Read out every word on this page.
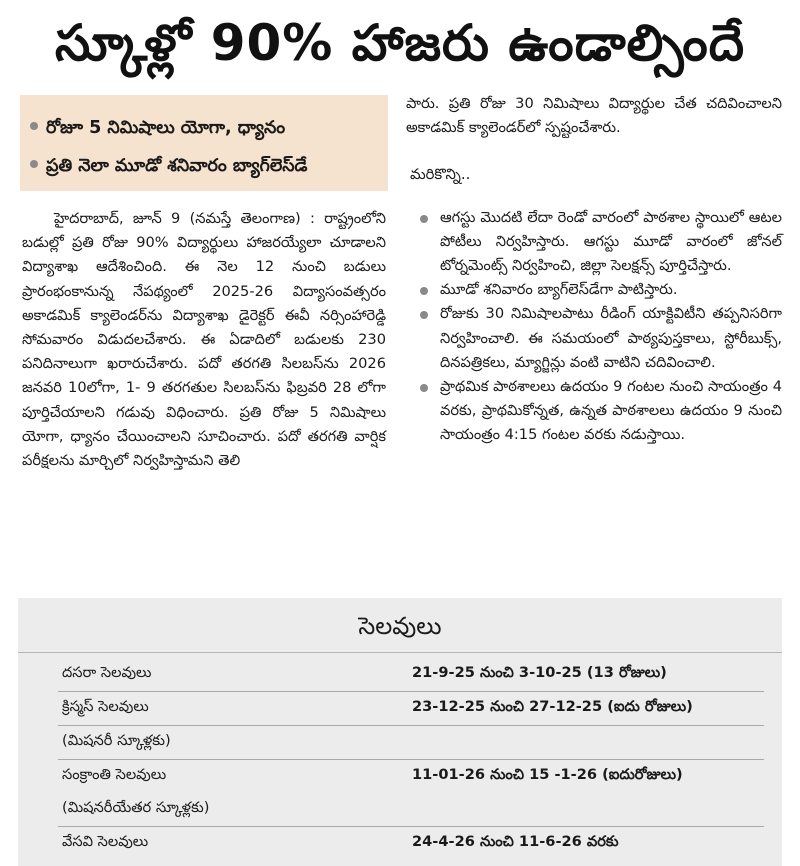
స్కూళ్లో 90% హాజరు ఉండాల్సిందే
రోజూ 5 నిమిషాలు యోగా, ధ్యానం
ప్రతి నెలా మూడో శనివారం బ్యాగ్‌లెస్‌డే

హైదరాబాద్, జూన్ 9 (నమస్తే తెలంగాణ) : రాష్ట్రంలోని బడుల్లో ప్రతి రోజు 90% విద్యార్థులు హాజరయ్యేలా చూడాలని విద్యాశాఖ ఆదేశించింది. ఈ నెల 12 నుంచి బడులు ప్రారంభంకానున్న నేపథ్యంలో 2025-26 విద్యాసంవత్సరం అకాడమిక్ క్యాలెండర్‌ను విద్యాశాఖ డైరెక్టర్ ఈవీ నర్సింహారెడ్డి సోమవారం విడుదలచేశారు. ఈ ఏడాదిలో బడులకు 230 పనిదినాలుగా ఖరారుచేశారు. పదో తరగతి సిలబస్‌ను 2026 జనవరి 10లోగా, 1- 9 తరగతుల సిలబస్‌ను ఫిబ్రవరి 28 లోగా పూర్తిచేయాలని గడువు విధించారు. ప్రతి రోజు 5 నిమిషాలు యోగా, ధ్యానం చేయించాలని సూచించారు. పదో తరగతి వార్షిక పరీక్షలను మార్చిలో నిర్వహిస్తామని తెలి

పారు. ప్రతి రోజు 30 నిమిషాలు విద్యార్థుల చేత చదివించాలని అకాడమిక్ క్యాలెండర్‌లో స్పష్టంచేశారు.

మరికొన్ని..

ఆగస్టు మొదటి లేదా రెండో వారంలో పాఠశాల స్థాయిలో ఆటల పోటీలు నిర్వహిస్తారు. ఆగస్టు మూడో వారంలో జోనల్ టోర్నమెంట్స్ నిర్వహించి, జిల్లా సెలక్షన్స్ పూర్తిచేస్తారు.
మూడో శనివారం బ్యాగ్‌లెస్‌డేగా పాటిస్తారు.
రోజుకు 30 నిమిషాలపాటు రీడింగ్ యాక్టివిటీని తప్పనిసరిగా నిర్వహించాలి. ఈ సమయంలో పాఠ్యపుస్తకాలు, స్టోరీబుక్స్, దినపత్రికలు, మ్యాగ్జిన్లు వంటి వాటిని చదివించాలి.
ప్రాథమిక పాఠశాలలు ఉదయం 9 గంటల నుంచి సాయంత్రం 4 వరకు, ప్రాథమికోన్నత, ఉన్నత పాఠశాలలు ఉదయం 9 నుంచి సాయంత్రం 4:15 గంటల వరకు నడుస్తాయి.
సెలవులు
దసరా సెలవులు	21-9-25 నుంచి 3-10-25 (13 రోజులు)
క్రిస్మస్ సెలవులు	23-12-25 నుంచి 27-12-25 (ఐదు రోజులు)
(మిషనరీ స్కూళ్లకు)	
సంక్రాంతి సెలవులు	11-01-26 నుంచి 15 -1-26 (ఐదురోజులు)
(మిషనరీయేతర స్కూళ్లకు)	
వేసవి సెలవులు	24-4-26 నుంచి 11-6-26 వరకు
